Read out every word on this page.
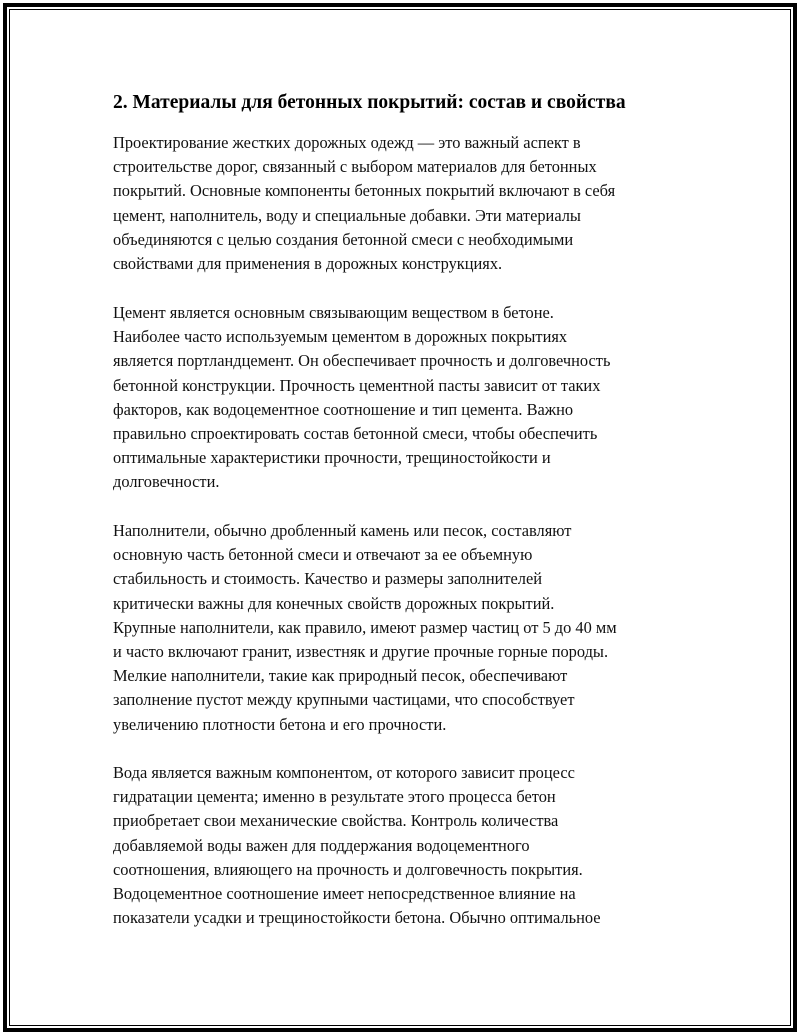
2. Материалы для бетонных покрытий: состав и свойства

Проектирование жестких дорожных одежд — это важный аспект в
строительстве дорог, связанный с выбором материалов для бетонных
покрытий. Основные компоненты бетонных покрытий включают в себя
цемент, наполнитель, воду и специальные добавки. Эти материалы
объединяются с целью создания бетонной смеси с необходимыми
свойствами для применения в дорожных конструкциях.

Цемент является основным связывающим веществом в бетоне.
Наиболее часто используемым цементом в дорожных покрытиях
является портландцемент. Он обеспечивает прочность и долговечность
бетонной конструкции. Прочность цементной пасты зависит от таких
факторов, как водоцементное соотношение и тип цемента. Важно
правильно спроектировать состав бетонной смеси, чтобы обеспечить
оптимальные характеристики прочности, трещиностойкости и
долговечности.

Наполнители, обычно дробленный камень или песок, составляют
основную часть бетонной смеси и отвечают за ее объемную
стабильность и стоимость. Качество и размеры заполнителей
критически важны для конечных свойств дорожных покрытий.
Крупные наполнители, как правило, имеют размер частиц от 5 до 40 мм
и часто включают гранит, известняк и другие прочные горные породы.
Мелкие наполнители, такие как природный песок, обеспечивают
заполнение пустот между крупными частицами, что способствует
увеличению плотности бетона и его прочности.

Вода является важным компонентом, от которого зависит процесс
гидратации цемента; именно в результате этого процесса бетон
приобретает свои механические свойства. Контроль количества
добавляемой воды важен для поддержания водоцементного
соотношения, влияющего на прочность и долговечность покрытия.
Водоцементное соотношение имеет непосредственное влияние на
показатели усадки и трещиностойкости бетона. Обычно оптимальное
